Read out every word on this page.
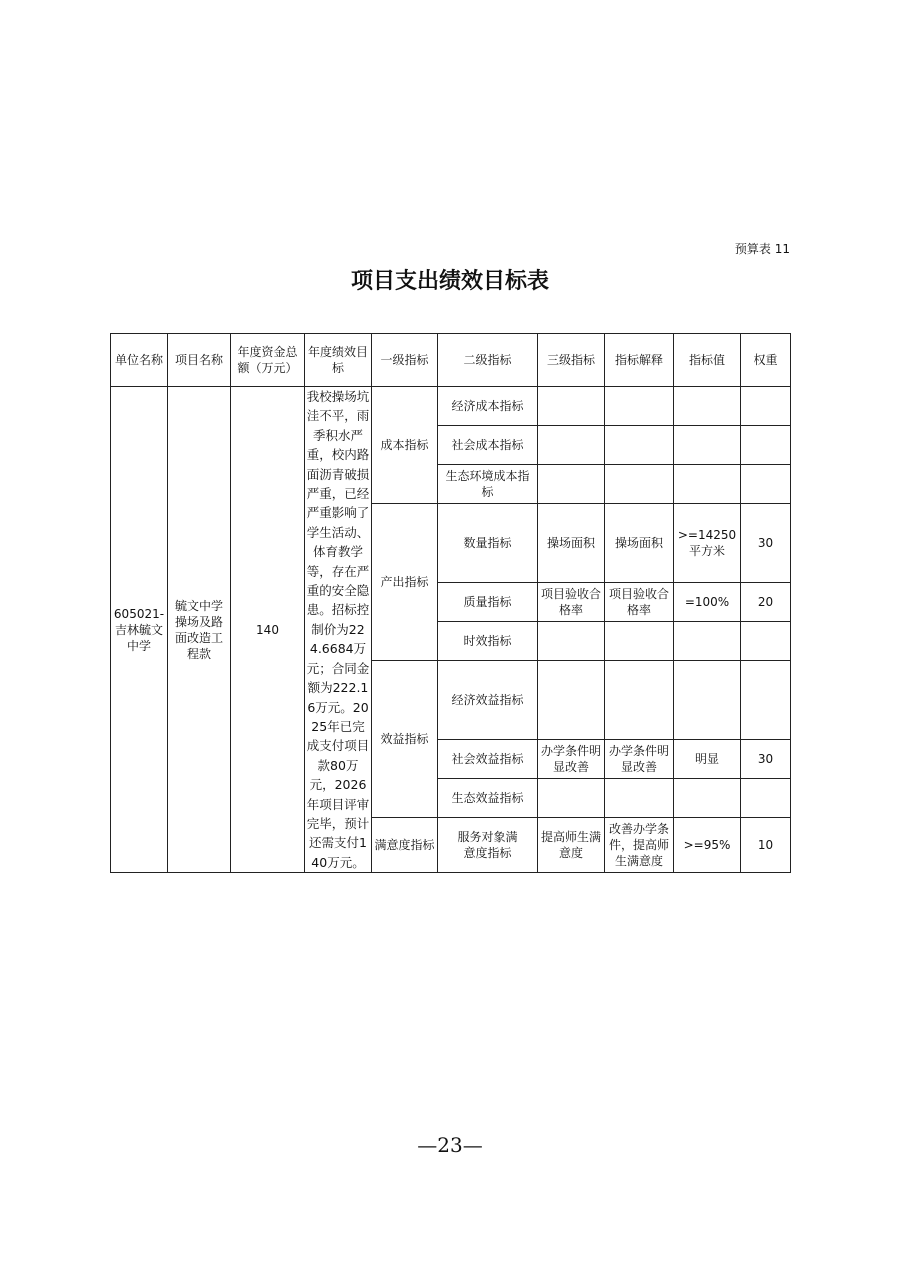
预算表 11
项目支出绩效目标表
单位名称	项目名称	年度资金总额（万元）	年度绩效目标	一级指标	二级指标	三级指标	指标解释	指标值	权重
605021-吉林毓文中学	毓文中学操场及路面改造工程款	140	我校操场坑洼不平，雨季积水严重，校内路面沥青破损严重，已经严重影响了学生活动、体育教学等，存在严重的安全隐患。招标控制价为224.6684万元；合同金额为222.16万元。2025年已完成支付项目款80万元，2026年项目评审完毕，预计还需支付140万元。	成本指标	经济成本指标				
					社会成本指标				
					生态环境成本指标				
				产出指标	数量指标	操场面积	操场面积	>=14250 平方米	30
					质量指标	项目验收合格率	项目验收合格率	=100%	20
					时效指标				
				效益指标	经济效益指标				
					社会效益指标	办学条件明显改善	办学条件明显改善	明显	30
					生态效益指标				
				满意度指标	服务对象满意度指标	提高师生满意度	改善办学条件，提高师生满意度	>=95%	10
—23—
